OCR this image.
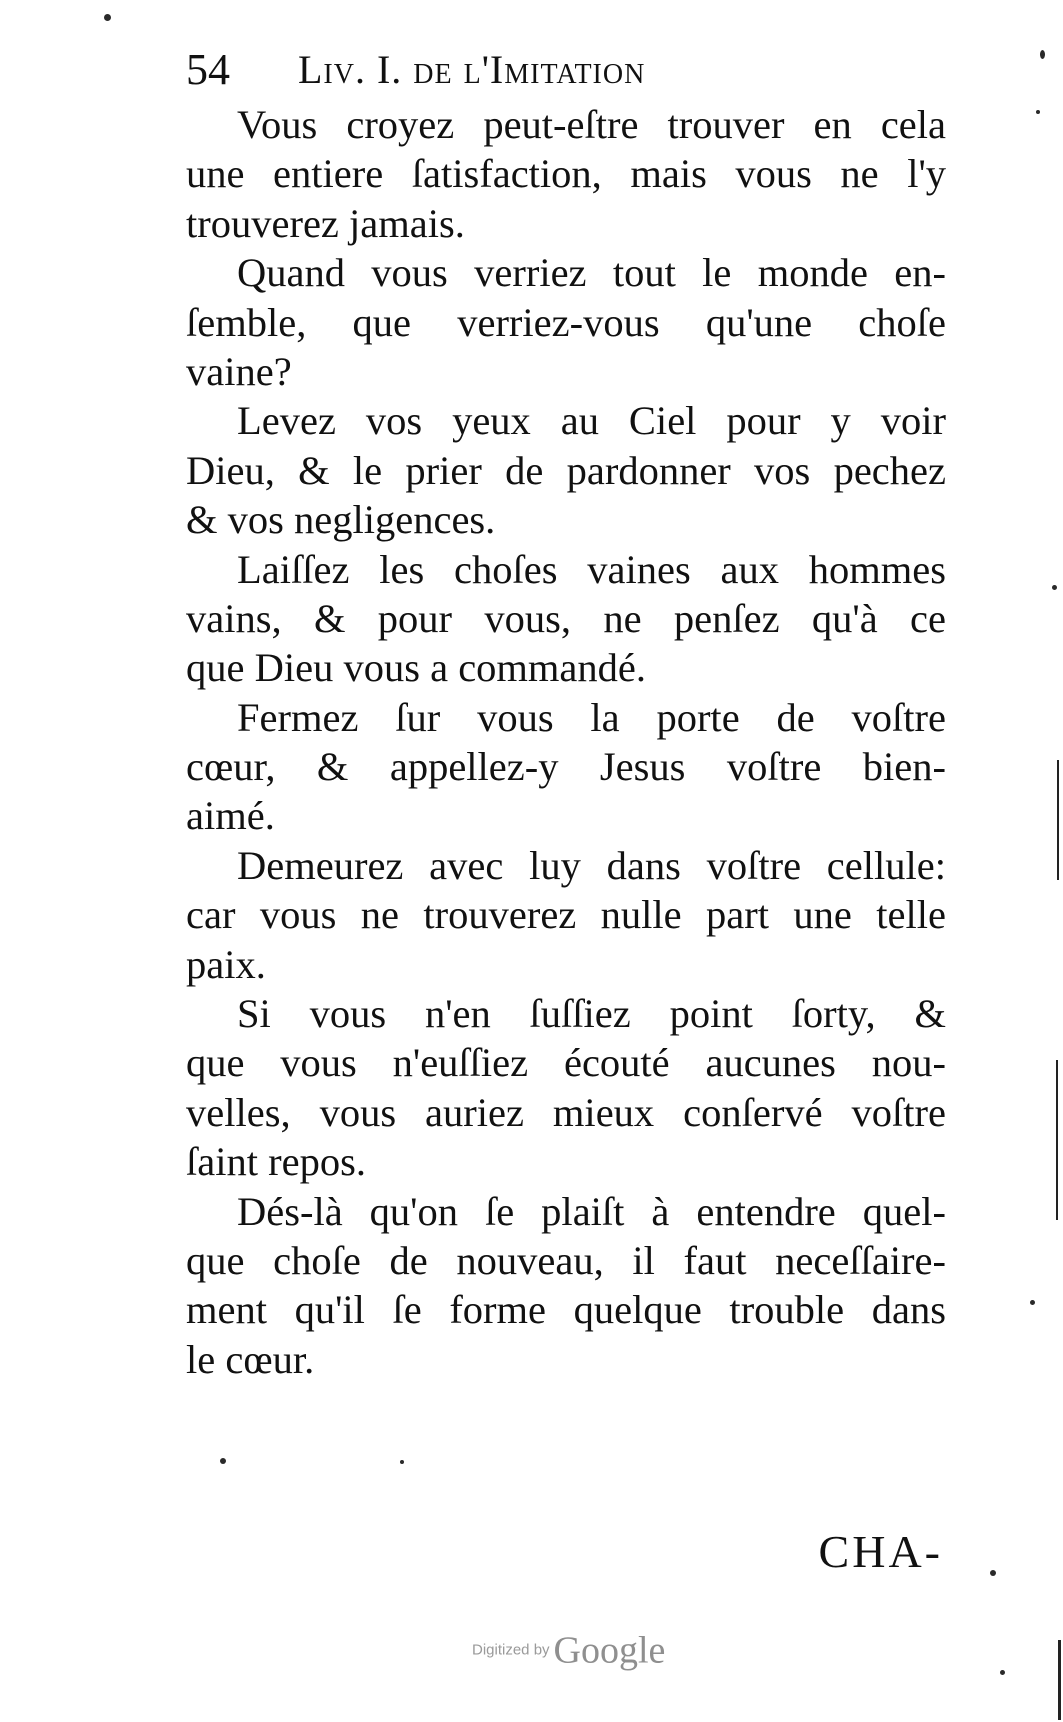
54 Liv. I. de l'Imitation
Vous croyez peut-eſtre trouver en cela
une entiere ſatisfaction, mais vous ne l'y
trouverez jamais.
Quand vous verriez tout le monde en-
ſemble, que verriez-vous qu'une choſe
vaine?
Levez vos yeux au Ciel pour y voir
Dieu, & le prier de pardonner vos pechez
& vos negligences.
Laiſſez les choſes vaines aux hommes
vains, & pour vous, ne penſez qu'à ce
que Dieu vous a commandé.
Fermez ſur vous la porte de voſtre
cœur, & appellez-y Jesus voſtre bien-
aimé.
Demeurez avec luy dans voſtre cellule:
car vous ne trouverez nulle part une telle
paix.
Si vous n'en ſuſſiez point ſorty, &
que vous n'euſſiez écouté aucunes nou-
velles, vous auriez mieux conſervé voſtre
ſaint repos.
Dés-là qu'on ſe plaiſt à entendre quel-
que choſe de nouveau, il faut neceſſaire-
ment qu'il ſe forme quelque trouble dans
le cœur.
CHA-
Digitized by Google
